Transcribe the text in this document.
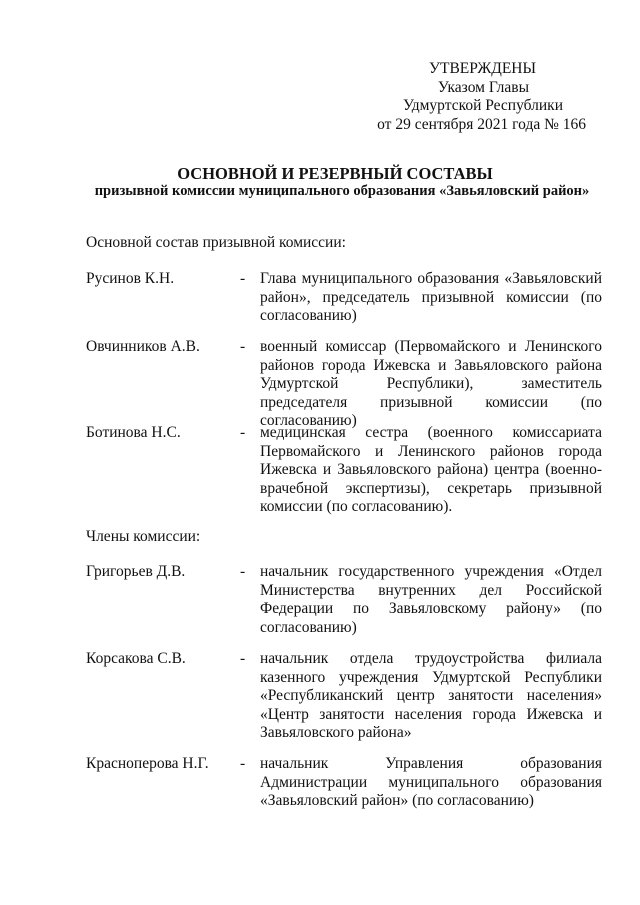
УТВЕРЖДЕНЫ
Указом Главы
Удмуртской Республики
от 29 сентября 2021 года № 166
ОСНОВНОЙ И РЕЗЕРВНЫЙ СОСТАВЫ
призывной комиссии муниципального образования «Завьяловский район»
Основной состав призывной комиссии:
Русинов К.Н.	- Глава муниципального образования «Завьяловский район», председатель призывной комиссии (по согласованию)
Овчинников А.В.	- военный комиссар (Первомайского и Ленинского районов города Ижевска и Завьяловского района Удмуртской Республики), заместитель председателя призывной комиссии (по согласованию)
Ботинова Н.С.	- медицинская сестра (военного комиссариата Первомайского и Ленинского районов города Ижевска и Завьяловского района) центра (военно-врачебной экспертизы), секретарь призывной комиссии (по согласованию).
Члены комиссии:
Григорьев Д.В.	- начальник государственного учреждения «Отдел Министерства внутренних дел Российской Федерации по Завьяловскому району» (по согласованию)
Корсакова С.В.	- начальник отдела трудоустройства филиала казенного учреждения Удмуртской Республики «Республиканский центр занятости населения» «Центр занятости населения города Ижевска и Завьяловского района»
Красноперова Н.Г.	- начальник Управления образования Администрации муниципального образования «Завьяловский район» (по согласованию)
